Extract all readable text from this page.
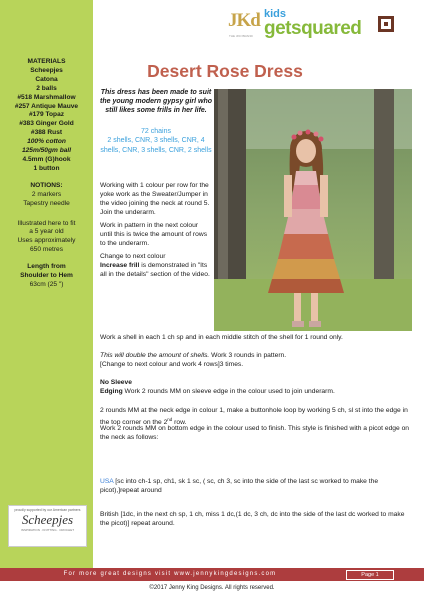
MATERIALS
Scheepjes
Catona
2 balls
#518 Marshmallow
#257 Antique Mauve
#179 Topaz
#383 Ginger Gold
#388 Rust
100% cotton
125m/50gm ball
4.5mm (G)hook
1 button
NOTIONS:
2 markers
Tapestry needle
Illustrated here to fit
a 5 year old
Uses approximately
650 metres
Length from
Shoulder to Hem
63cm (25 ")
proudly supported by our American partners
Scheepjes
INSPIRATION · KNITTING · CROCHET
JKd
THE JKD BRAND
kids
getsquared
Desert Rose Dress
This dress has been made to suit the young modern gypsy girl who still likes some frills in her life.
72 chains
2 shells, CNR, 3 shells, CNR, 4 shells, CNR, 3 shells, CNR, 2 shells
Working with 1 colour per row for the yoke work as the Sweater/Jumper in the video joining the neck at round 5. Join the underarm.
Work in pattern in the next colour until this is twice the amount of rows to the underarm.
Change to next colour
Increase frill is demonstrated in "Its all in the details" section of the video.
Work a shell in each 1 ch sp and in each middle stitch of the shell for 1 round only.
This will double the amount of shells. Work 3 rounds in pattern.
[Change to next colour and work 4 rows]3 times.
No Sleeve
Edging Work 2 rounds MM on sleeve edge in the colour used to join underarm.
2 rounds MM at the neck edge in colour 1, make a buttonhole loop by working 5 ch, sl st into the edge in the top corner on the 2nd row.
Work 2 rounds MM on bottom edge in the colour used to finish. This style is finished with a picot edge on the neck as follows:
USA [sc into ch-1 sp, ch1, sk 1 sc, ( sc, ch 3, sc into the side of the last sc worked to make the picot),]repeat around
British [1dc, in the next ch sp, 1 ch, miss 1 dc,(1 dc, 3 ch, dc into the side of the last dc worked to make the picot)] repeat around.
For more great designs visit www.jennykingdesigns.com	Page 1
©2017 Jenny King Designs. All rights reserved.
